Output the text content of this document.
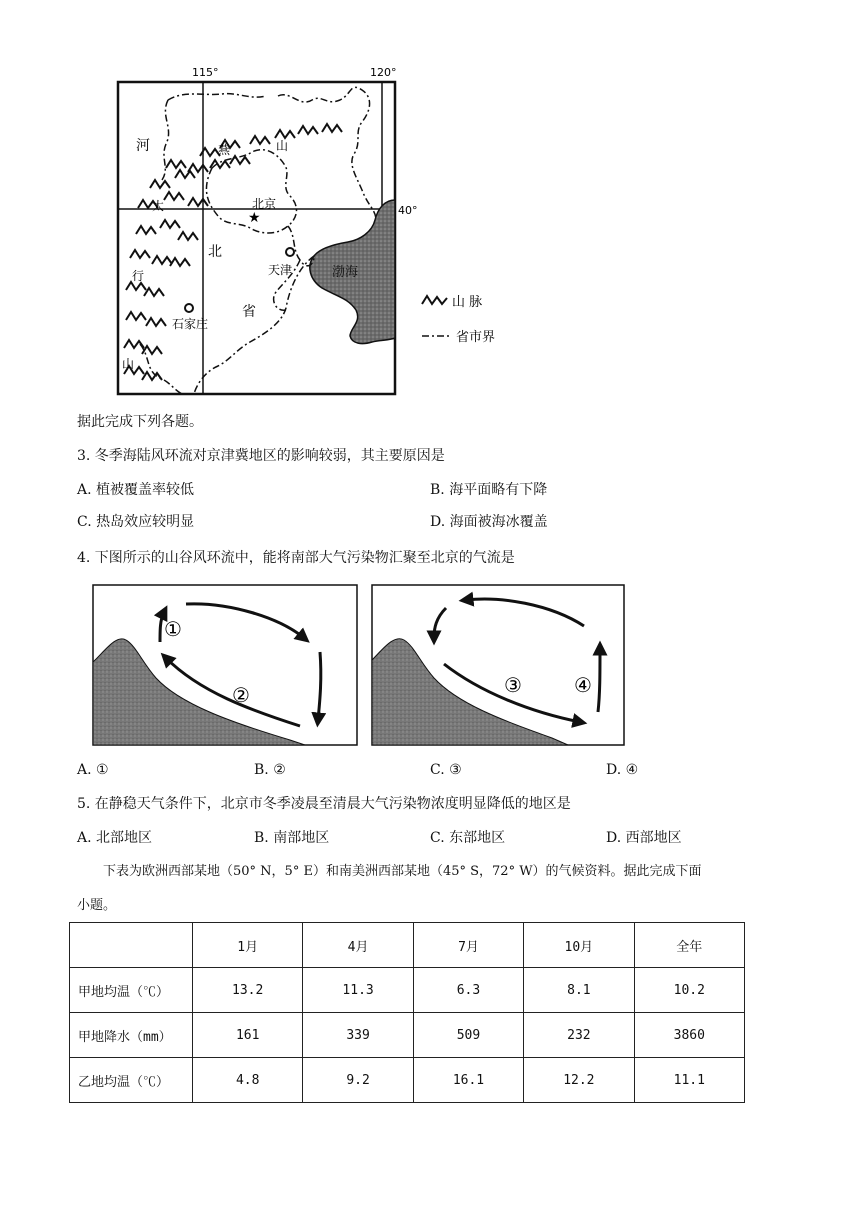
115°	120°
40°
渤海
★
河
北
省
太
行
山
燕	山
北京
天津
石家庄
山 脉
省市界
据此完成下列各题。
3. 冬季海陆风环流对京津冀地区的影响较弱，其主要原因是
A. 植被覆盖率较低	B. 海平面略有下降
C. 热岛效应较明显	D. 海面被海冰覆盖
4. 下图所示的山谷风环流中，能将南部大气污染物汇聚至北京的气流是
①
②	③	④
A. ①	B. ②	C. ③	D. ④
5. 在静稳天气条件下，北京市冬季凌晨至清晨大气污染物浓度明显降低的地区是
A. 北部地区	B. 南部地区	C. 东部地区	D. 西部地区
下表为欧洲西部某地（50° N，5° E）和南美洲西部某地（45° S，72° W）的气候资料。据此完成下面
小题。
	1月	4月	7月	10月	全年
甲地均温（℃）	13.2	11.3	6.3	8.1	10.2
甲地降水（mm）	161	339	509	232	3860
乙地均温（℃）	4.8	9.2	16.1	12.2	11.1
